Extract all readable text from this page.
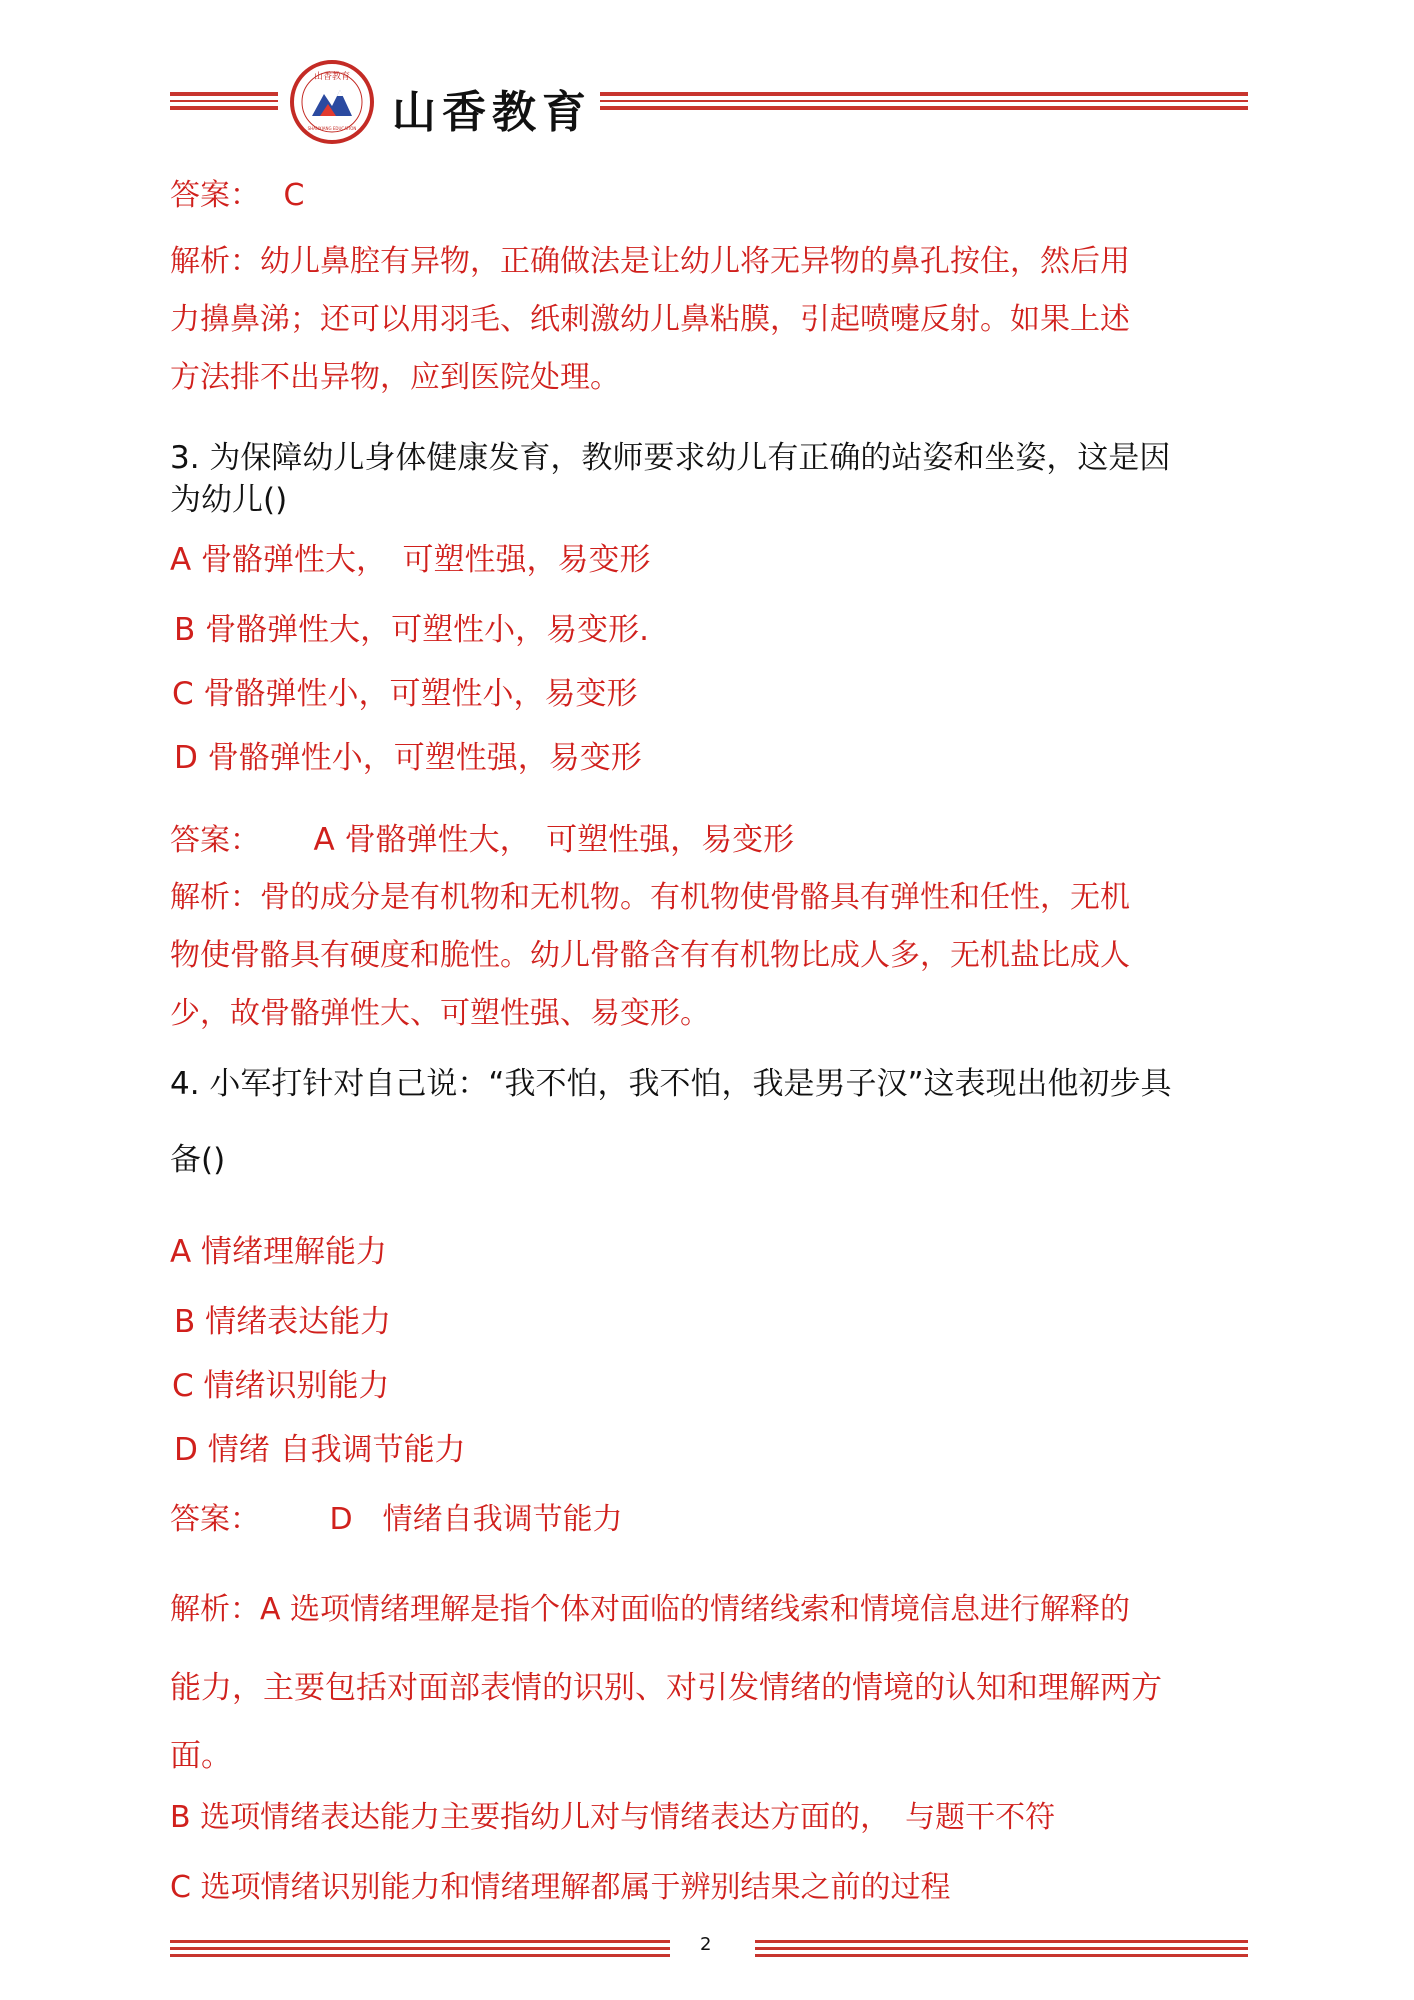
山香教育
SHANXIANG EDUCATION 山香教育
答案： C
解析：幼儿鼻腔有异物，正确做法是让幼儿将无异物的鼻孔按住，然后用
力擤鼻涕；还可以用羽毛、纸刺激幼儿鼻粘膜，引起喷嚏反射。如果上述
方法排不出异物，应到医院处理。
3. 为保障幼儿身体健康发育，教师要求幼儿有正确的站姿和坐姿，这是因
为幼儿()
A 骨骼弹性大，　可塑性强，易变形
B 骨骼弹性大，可塑性小，易变形.
C 骨骼弹性小，可塑性小，易变形
D 骨骼弹性小，可塑性强，易变形
答案： A 骨骼弹性大，　可塑性强，易变形
解析：骨的成分是有机物和无机物。有机物使骨骼具有弹性和任性，无机
物使骨骼具有硬度和脆性。幼儿骨骼含有有机物比成人多，无机盐比成人
少，故骨骼弹性大、可塑性强、易变形。
4. 小军打针对自己说：“我不怕，我不怕，我是男子汉”这表现出他初步具
备()
A 情绪理解能力
B 情绪表达能力
C 情绪识别能力
D 情绪 自我调节能力
答案： D　情绪自我调节能力
解析：A 选项情绪理解是指个体对面临的情绪线索和情境信息进行解释的
能力，主要包括对面部表情的识别、对引发情绪的情境的认知和理解两方
面。
B 选项情绪表达能力主要指幼儿对与情绪表达方面的，　与题干不符
C 选项情绪识别能力和情绪理解都属于辨别结果之前的过程
2
